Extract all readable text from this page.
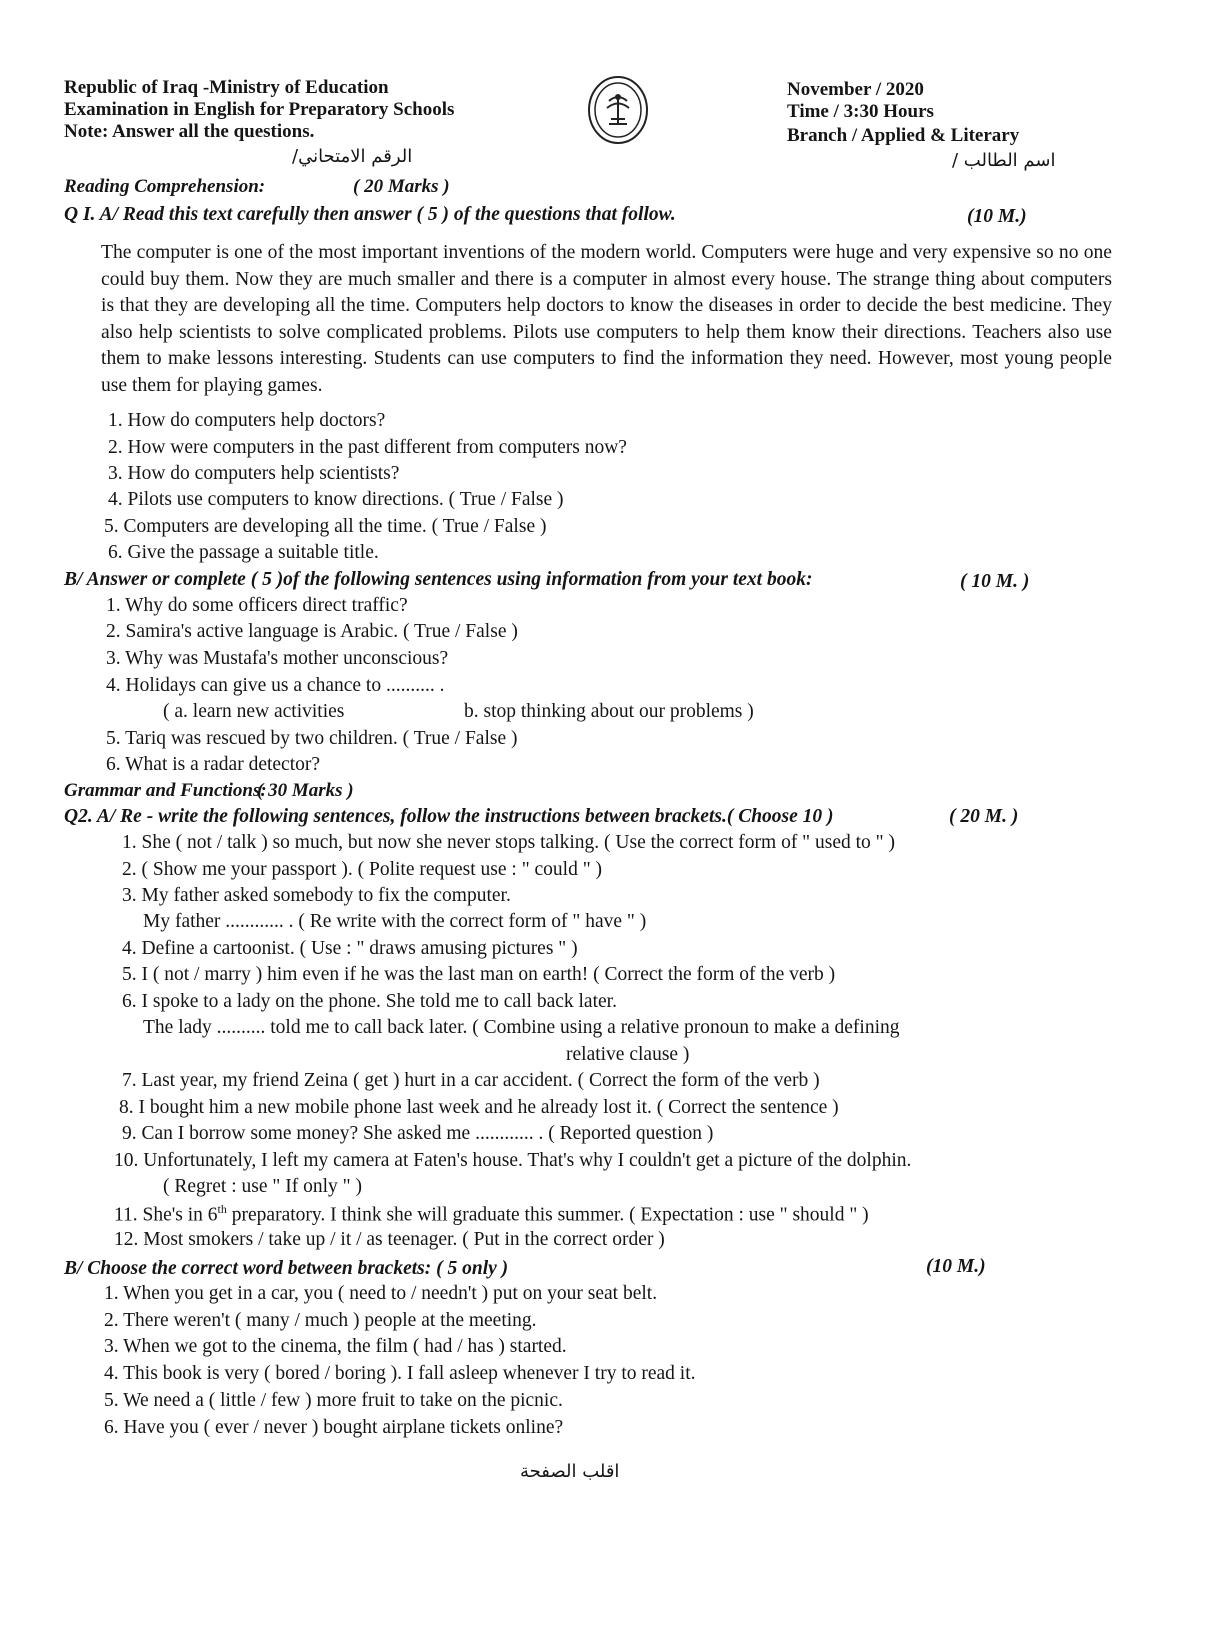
Republic of Iraq -Ministry of Education
Examination in English for Preparatory Schools
Note: Answer all the questions.
November / 2020
Time / 3:30 Hours
Branch / Applied & Literary
الرقم الامتحاني/	اسم الطالب /
Reading Comprehension:	( 20 Marks )
Q I. A/ Read this text carefully then answer ( 5 ) of the questions that follow.	(10 M.)
The computer is one of the most important inventions of the modern world. Computers were huge and very expensive so no one could buy them. Now they are much smaller and there is a computer in almost every house. The strange thing about computers is that they are developing all the time. Computers help doctors to know the diseases in order to decide the best medicine. They also help scientists to solve complicated problems. Pilots use computers to help them know their directions. Teachers also use them to make lessons interesting. Students can use computers to find the information they need. However, most young people use them for playing games.
1. How do computers help doctors?
2. How were computers in the past different from computers now?
3. How do computers help scientists?
4. Pilots use computers to know directions. ( True / False )
5. Computers are developing all the time. ( True / False )
6. Give the passage a suitable title.
B/ Answer or complete ( 5 )of the following sentences using information from your text book:	( 10 M. )
1. Why do some officers direct traffic?
2. Samira's active language is Arabic. ( True / False )
3. Why was Mustafa's mother unconscious?
4. Holidays can give us a chance to .......... .
( a. learn new activities	b. stop thinking about our problems )
5. Tariq was rescued by two children. ( True / False )
6. What is a radar detector?
Grammar and Functions:
( 30 Marks )
Q2. A/ Re - write the following sentences, follow the instructions between brackets.( Choose 10 )	( 20 M. )
1. She ( not / talk ) so much, but now she never stops talking. ( Use the correct form of " used to " )
2. ( Show me your passport ). ( Polite request use : " could " )
3. My father asked somebody to fix the computer.
My father ............ . ( Re write with the correct form of " have " )
4. Define a cartoonist. ( Use : " draws amusing pictures " )
5. I ( not / marry ) him even if he was the last man on earth! ( Correct the form of the verb )
6. I spoke to a lady on the phone. She told me to call back later.
The lady .......... told me to call back later. ( Combine using a relative pronoun to make a defining
relative clause )
7. Last year, my friend Zeina ( get ) hurt in a car accident. ( Correct the form of the verb )
8. I bought him a new mobile phone last week and he already lost it. ( Correct the sentence )
9. Can I borrow some money? She asked me ............ . ( Reported question )
10. Unfortunately, I left my camera at Faten's house. That's why I couldn't get a picture of the dolphin.
( Regret : use " If only " )
11. She's in 6th preparatory. I think she will graduate this summer. ( Expectation : use " should " )
12. Most smokers / take up / it / as teenager. ( Put in the correct order )
B/ Choose the correct word between brackets: ( 5 only )	(10 M.)
1. When you get in a car, you ( need to / needn't ) put on your seat belt.
2. There weren't ( many / much ) people at the meeting.
3. When we got to the cinema, the film ( had / has ) started.
4. This book is very ( bored / boring ). I fall asleep whenever I try to read it.
5. We need a ( little / few ) more fruit to take on the picnic.
6. Have you ( ever / never ) bought airplane tickets online?
اقلب الصفحة
